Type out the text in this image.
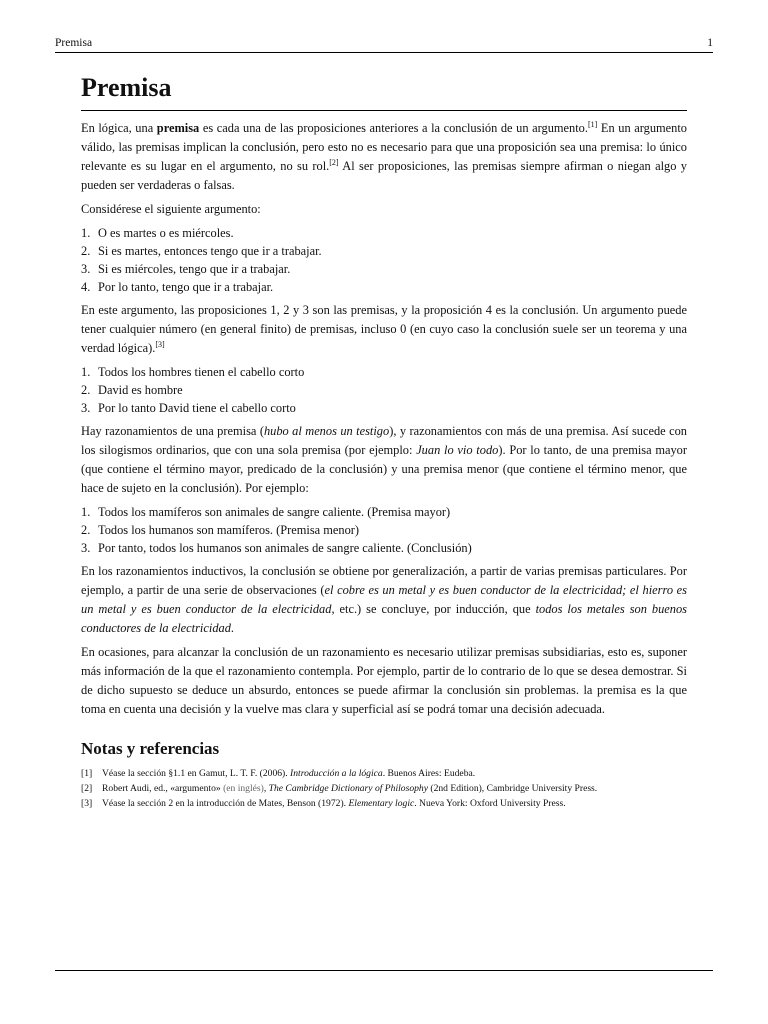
Premisa	1
Premisa

En lógica, una premisa es cada una de las proposiciones anteriores a la conclusión de un argumento.[1] En un argumento válido, las premisas implican la conclusión, pero esto no es necesario para que una proposición sea una premisa: lo único relevante es su lugar en el argumento, no su rol.[2] Al ser proposiciones, las premisas siempre afirman o niegan algo y pueden ser verdaderas o falsas.

Considérese el siguiente argumento:

1. O es martes o es miércoles.
2. Si es martes, entonces tengo que ir a trabajar.
3. Si es miércoles, tengo que ir a trabajar.
4. Por lo tanto, tengo que ir a trabajar.

En este argumento, las proposiciones 1, 2 y 3 son las premisas, y la proposición 4 es la conclusión. Un argumento puede tener cualquier número (en general finito) de premisas, incluso 0 (en cuyo caso la conclusión suele ser un teorema y una verdad lógica).[3]

1. Todos los hombres tienen el cabello corto
2. David es hombre
3. Por lo tanto David tiene el cabello corto

Hay razonamientos de una premisa (hubo al menos un testigo), y razonamientos con más de una premisa. Así sucede con los silogismos ordinarios, que con una sola premisa (por ejemplo: Juan lo vio todo). Por lo tanto, de una premisa mayor (que contiene el término mayor, predicado de la conclusión) y una premisa menor (que contiene el término menor, que hace de sujeto en la conclusión). Por ejemplo:

1. Todos los mamíferos son animales de sangre caliente. (Premisa mayor)
2. Todos los humanos son mamíferos. (Premisa menor)
3. Por tanto, todos los humanos son animales de sangre caliente. (Conclusión)

En los razonamientos inductivos, la conclusión se obtiene por generalización, a partir de varias premisas particulares. Por ejemplo, a partir de una serie de observaciones (el cobre es un metal y es buen conductor de la electricidad; el hierro es un metal y es buen conductor de la electricidad, etc.) se concluye, por inducción, que todos los metales son buenos conductores de la electricidad.

En ocasiones, para alcanzar la conclusión de un razonamiento es necesario utilizar premisas subsidiarias, esto es, suponer más información de la que el razonamiento contempla. Por ejemplo, partir de lo contrario de lo que se desea demostrar. Si de dicho supuesto se deduce un absurdo, entonces se puede afirmar la conclusión sin problemas. la premisa es la que toma en cuenta una decisión y la vuelve mas clara y superficial así se podrá tomar una decisión adecuada.

Notas y referencias
[1] Véase la sección §1.1 en Gamut, L. T. F. (2006). Introducción a la lógica. Buenos Aires: Eudeba.
[2] Robert Audi, ed., «argumento» (en inglés), The Cambridge Dictionary of Philosophy (2nd Edition), Cambridge University Press.
[3] Véase la sección 2 en la introducción de Mates, Benson (1972). Elementary logic. Nueva York: Oxford University Press.
